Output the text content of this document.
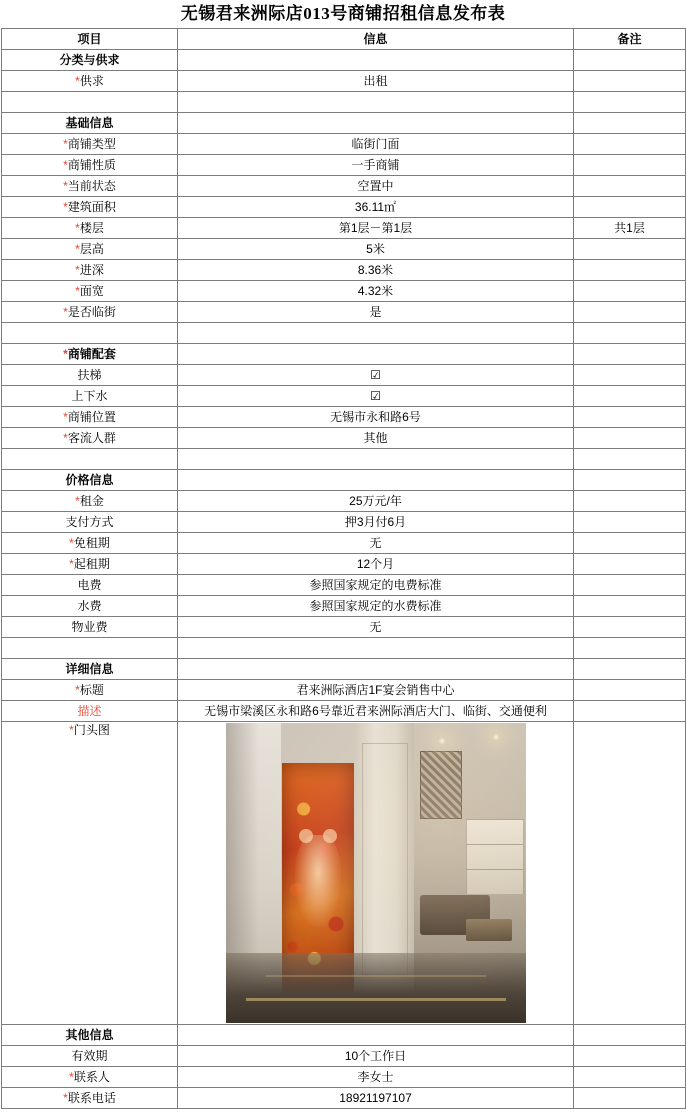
无锡君来洲际店013号商铺招租信息发布表
项目	信息	备注
分类与供求		
*供求	出租	

基础信息		
*商铺类型	临街门面	
*商铺性质	一手商铺	
*当前状态	空置中	
*建筑面积	36.11㎡	
*楼层	第1层－第1层	共1层
*层高	5米	
*进深	8.36米	
*面宽	4.32米	
*是否临街	是	

*商铺配套		
扶梯	☑	
上下水	☑	
*商铺位置	无锡市永和路6号	
*客流人群	其他	

价格信息		
*租金	25万元/年	
支付方式	押3月付6月	
*免租期	无	
*起租期	12个月	
电费	参照国家规定的电费标准	
水费	参照国家规定的水费标准	
物业费	无	

详细信息		
*标题	君来洲际酒店1F宴会销售中心	
描述	无锡市梁溪区永和路6号靠近君来洲际酒店大门、临街、交通便利	
*门头图	

其他信息		
有效期	10个工作日	
*联系人	李女士	
*联系电话	18921197107	
